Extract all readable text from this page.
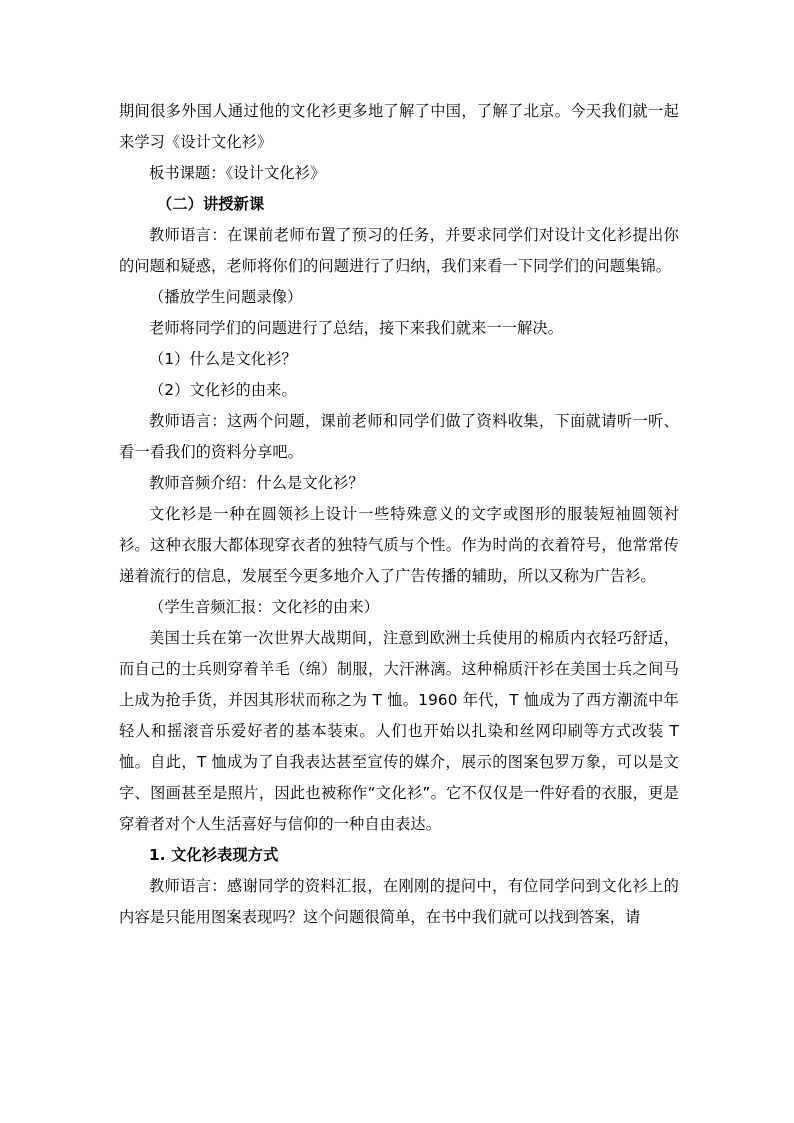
期间很多外国人通过他的文化衫更多地了解了中国，了解了北京。今天我们就一起来学习《设计文化衫》

板书课题：《设计文化衫》

（二）讲授新课

教师语言：在课前老师布置了预习的任务，并要求同学们对设计文化衫提出你的问题和疑惑，老师将你们的问题进行了归纳，我们来看一下同学们的问题集锦。

（播放学生问题录像）

老师将同学们的问题进行了总结，接下来我们就来一一解决。

（1）什么是文化衫？

（2）文化衫的由来。

教师语言：这两个问题，课前老师和同学们做了资料收集，下面就请听一听、看一看我们的资料分享吧。

教师音频介绍：什么是文化衫？

文化衫是一种在圆领衫上设计一些特殊意义的文字或图形的服装短袖圆领衬衫。这种衣服大都体现穿衣者的独特气质与个性。作为时尚的衣着符号，他常常传递着流行的信息，发展至今更多地介入了广告传播的辅助，所以又称为广告衫。

（学生音频汇报：文化衫的由来）

美国士兵在第一次世界大战期间，注意到欧洲士兵使用的棉质内衣轻巧舒适，而自己的士兵则穿着羊毛（绵）制服，大汗淋漓。这种棉质汗衫在美国士兵之间马上成为抢手货，并因其形状而称之为 T 恤。1960 年代，T 恤成为了西方潮流中年轻人和摇滚音乐爱好者的基本装束。人们也开始以扎染和丝网印刷等方式改装 T 恤。自此，T 恤成为了自我表达甚至宣传的媒介，展示的图案包罗万象，可以是文字、图画甚至是照片，因此也被称作“文化衫”。它不仅仅是一件好看的衣服，更是穿着者对个人生活喜好与信仰的一种自由表达。

1. 文化衫表现方式

教师语言：感谢同学的资料汇报，在刚刚的提问中，有位同学问到文化衫上的内容是只能用图案表现吗？这个问题很简单，在书中我们就可以找到答案，请
